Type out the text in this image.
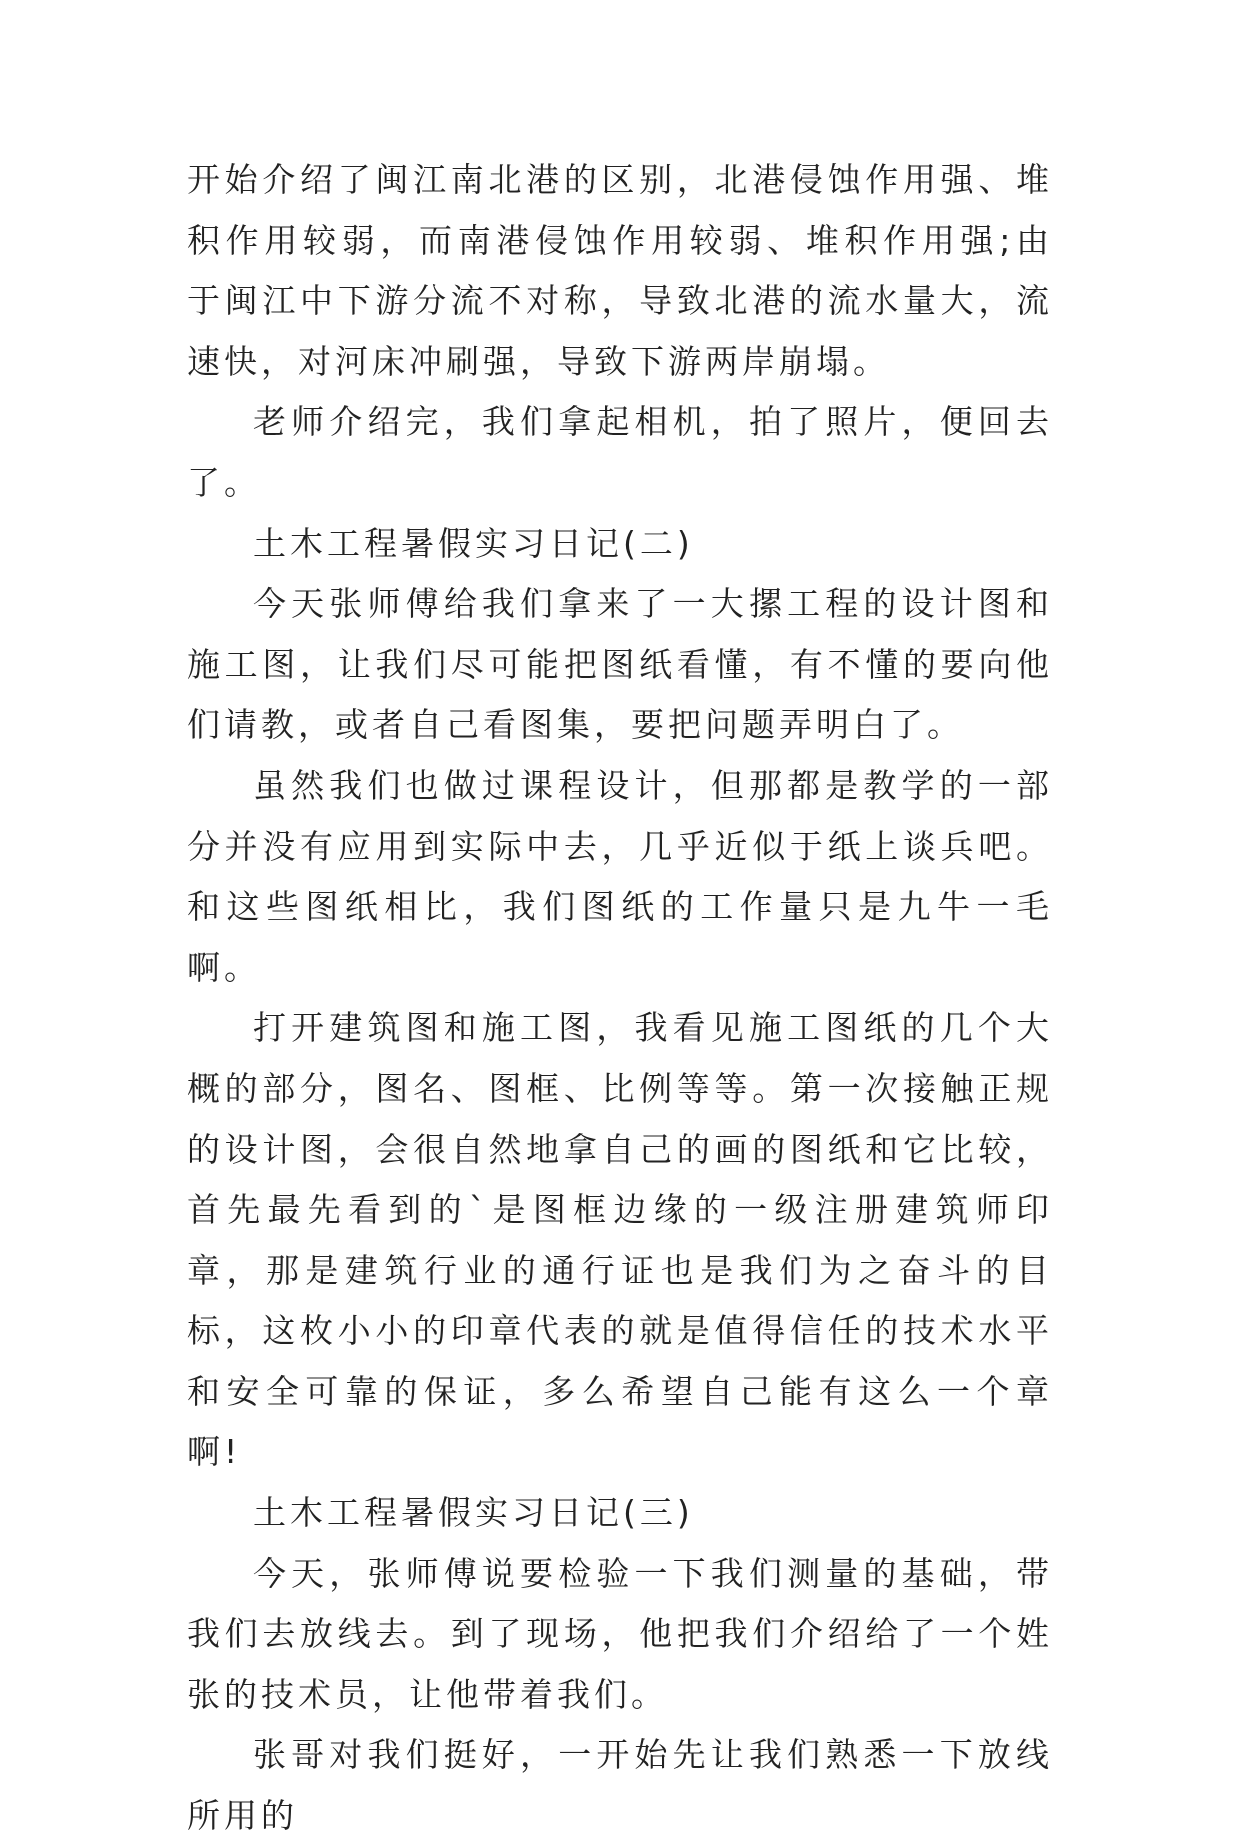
开始介绍了闽江南北港的区别，北港侵蚀作用强、堆积作用较弱，而南港侵蚀作用较弱、堆积作用强;由于闽江中下游分流不对称，导致北港的流水量大，流速快，对河床冲刷强，导致下游两岸崩塌。

老师介绍完，我们拿起相机，拍了照片，便回去了。

土木工程暑假实习日记(二)

今天张师傅给我们拿来了一大摞工程的设计图和施工图，让我们尽可能把图纸看懂，有不懂的要向他们请教，或者自己看图集，要把问题弄明白了。

虽然我们也做过课程设计，但那都是教学的一部分并没有应用到实际中去，几乎近似于纸上谈兵吧。和这些图纸相比，我们图纸的工作量只是九牛一毛啊。

打开建筑图和施工图，我看见施工图纸的几个大概的部分，图名、图框、比例等等。第一次接触正规的设计图，会很自然地拿自己的画的图纸和它比较，首先最先看到的`是图框边缘的一级注册建筑师印章，那是建筑行业的通行证也是我们为之奋斗的目标，这枚小小的印章代表的就是值得信任的技术水平和安全可靠的保证，多么希望自己能有这么一个章啊!

土木工程暑假实习日记(三)

今天，张师傅说要检验一下我们测量的基础，带我们去放线去。到了现场，他把我们介绍给了一个姓张的技术员，让他带着我们。

张哥对我们挺好，一开始先让我们熟悉一下放线所用的
